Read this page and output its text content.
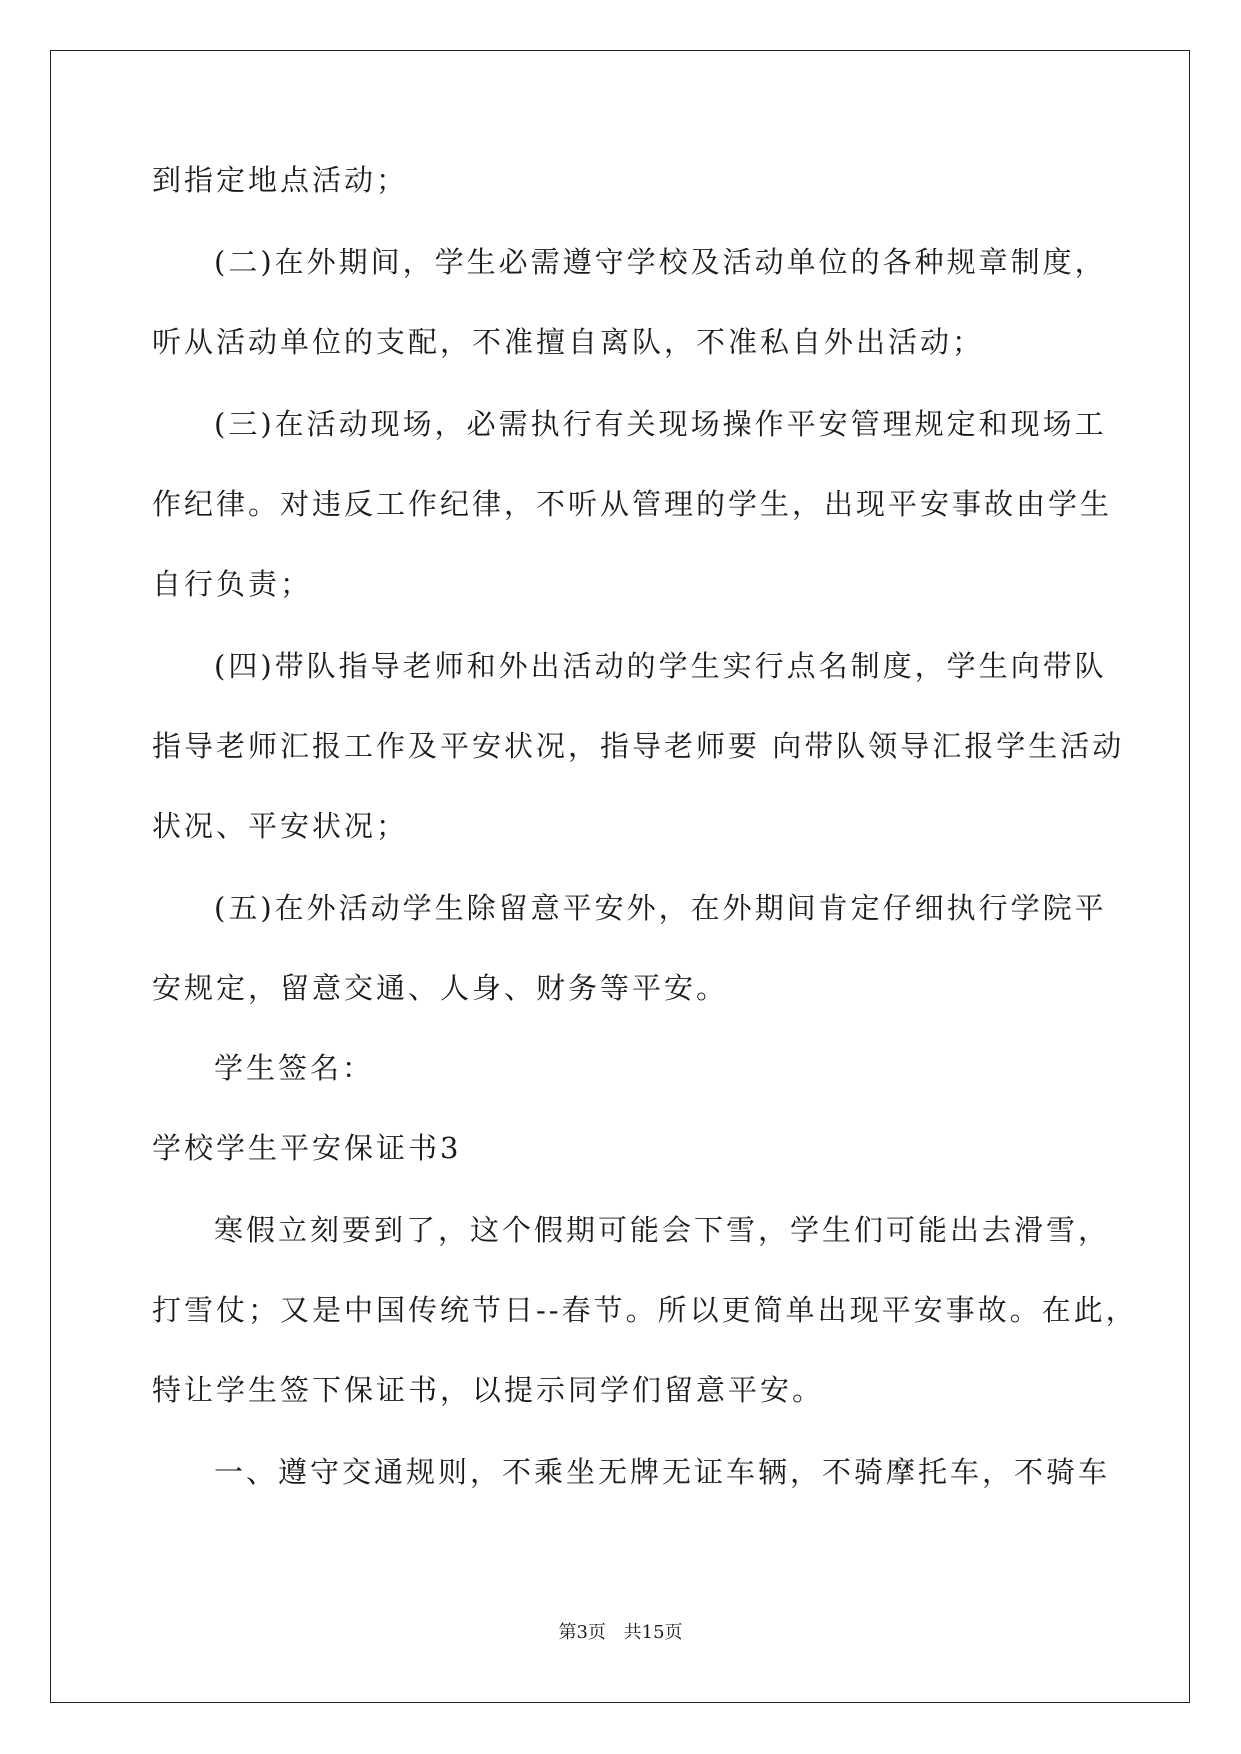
到指定地点活动；
(二)在外期间，学生必需遵守学校及活动单位的各种规章制度，
听从活动单位的支配，不准擅自离队，不准私自外出活动；
(三)在活动现场，必需执行有关现场操作平安管理规定和现场工
作纪律。对违反工作纪律，不听从管理的学生，出现平安事故由学生
自行负责；
(四)带队指导老师和外出活动的学生实行点名制度，学生向带队
指导老师汇报工作及平安状况，指导老师要 向带队领导汇报学生活动
状况、平安状况；
(五)在外活动学生除留意平安外，在外期间肯定仔细执行学院平
安规定，留意交通、人身、财务等平安。
学生签名：
学校学生平安保证书3
寒假立刻要到了，这个假期可能会下雪，学生们可能出去滑雪，
打雪仗；又是中国传统节日--春节。所以更简单出现平安事故。在此，
特让学生签下保证书，以提示同学们留意平安。
一、遵守交通规则，不乘坐无牌无证车辆，不骑摩托车，不骑车
第3页 共15页
